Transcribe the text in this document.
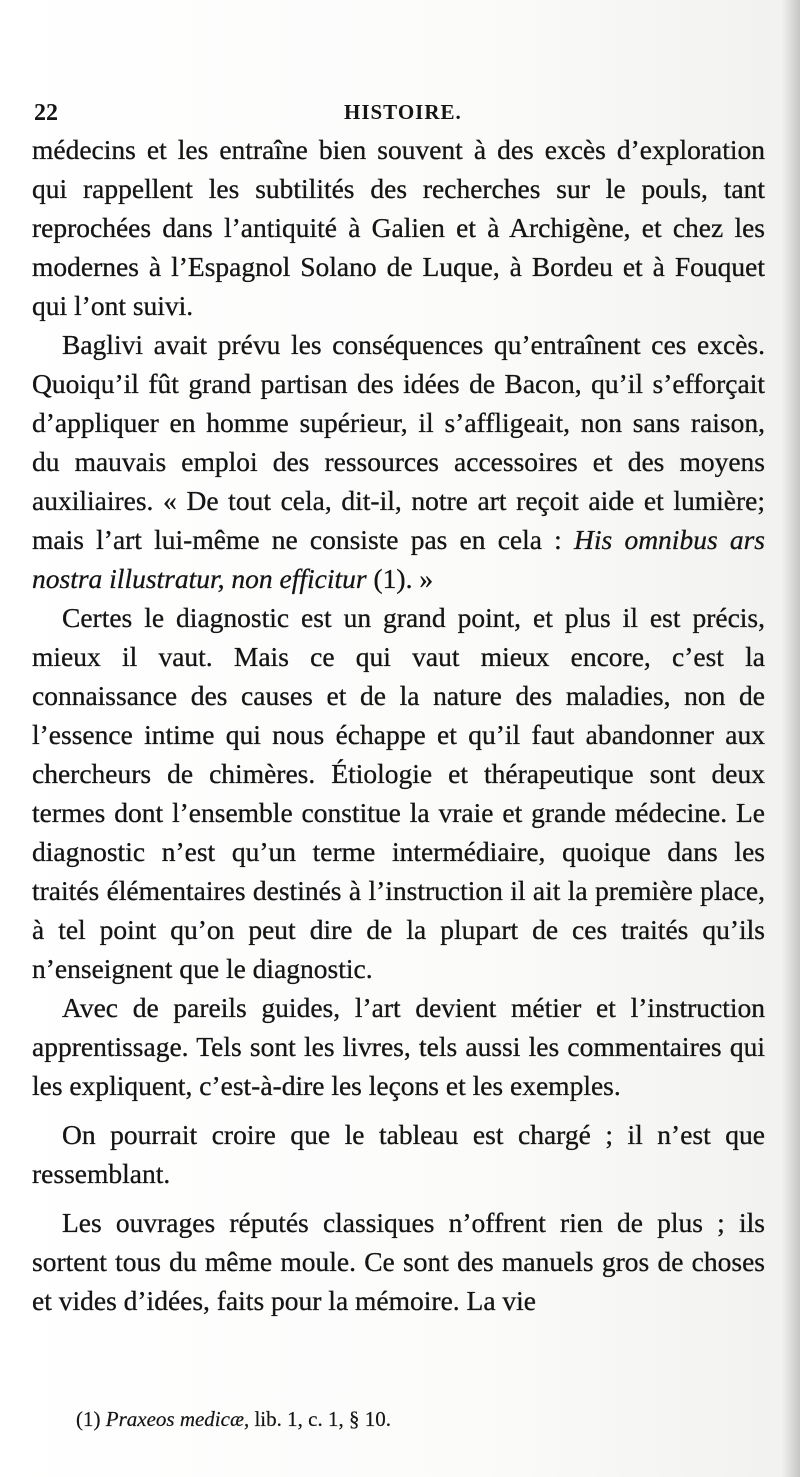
22	HISTOIRE.

médecins et les entraîne bien souvent à des excès d’exploration qui rappellent les subtilités des recherches sur le pouls, tant reprochées dans l’antiquité à Galien et à Archigène, et chez les modernes à l’Espagnol Solano de Luque, à Bordeu et à Fouquet qui l’ont suivi.

Baglivi avait prévu les conséquences qu’entraînent ces excès. Quoiqu’il fût grand partisan des idées de Bacon, qu’il s’efforçait d’appliquer en homme supérieur, il s’affligeait, non sans raison, du mauvais emploi des ressources accessoires et des moyens auxiliaires. « De tout cela, dit-il, notre art reçoit aide et lumière; mais l’art lui-même ne consiste pas en cela : His omnibus ars nostra illustratur, non efficitur (1). »

Certes le diagnostic est un grand point, et plus il est précis, mieux il vaut. Mais ce qui vaut mieux encore, c’est la connaissance des causes et de la nature des maladies, non de l’essence intime qui nous échappe et qu’il faut abandonner aux chercheurs de chimères. Étiologie et thérapeutique sont deux termes dont l’ensemble constitue la vraie et grande médecine. Le diagnostic n’est qu’un terme intermédiaire, quoique dans les traités élémentaires destinés à l’instruction il ait la première place, à tel point qu’on peut dire de la plupart de ces traités qu’ils n’enseignent que le diagnostic.

Avec de pareils guides, l’art devient métier et l’instruction apprentissage. Tels sont les livres, tels aussi les commentaires qui les expliquent, c’est-à-dire les leçons et les exemples.

On pourrait croire que le tableau est chargé ; il n’est que ressemblant.

Les ouvrages réputés classiques n’offrent rien de plus ; ils sortent tous du même moule. Ce sont des manuels gros de choses et vides d’idées, faits pour la mémoire. La vie

(1) Praxeos medicæ, lib. 1, c. 1, § 10.
